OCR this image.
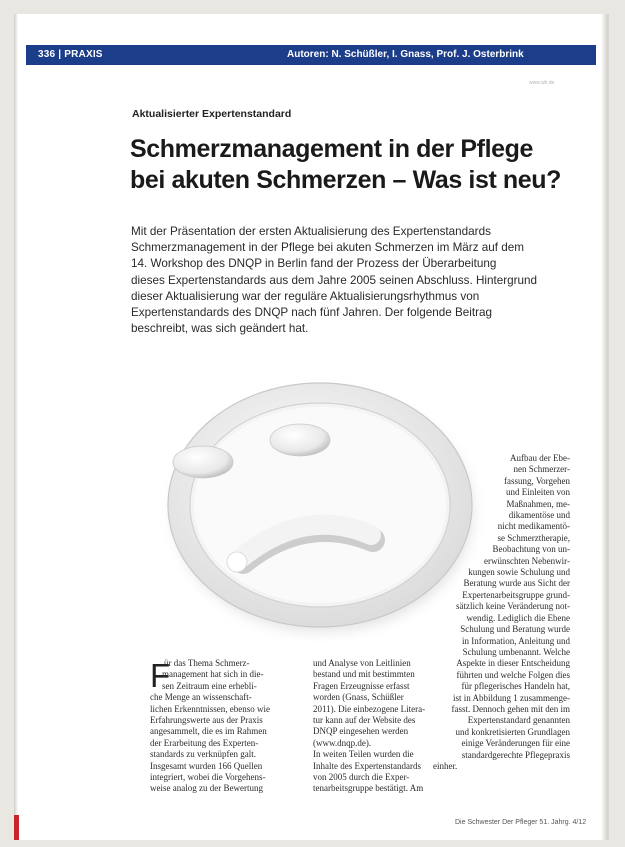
336 | PRAXIS	Autoren: N. Schüßler, I. Gnass, Prof. J. Osterbrink
www.wb.de
Aktualisierter Expertenstandard
Schmerzmanagement in der Pflege
bei akuten Schmerzen – Was ist neu?
Mit der Präsentation der ersten Aktualisierung des Expertenstandards
Schmerzmanagement in der Pflege bei akuten Schmerzen im März auf dem
14. Workshop des DNQP in Berlin fand der Prozess der Überarbeitung
dieses Expertenstandards aus dem Jahre 2005 seinen Abschluss. Hintergrund
dieser Aktualisierung war der reguläre Aktualisierungsrhythmus von
Expertenstandards des DNQP nach fünf Jahren. Der folgende Beitrag
beschreibt, was sich geändert hat.
F
ür das Thema Schmerz-
management hat sich in die-
sen Zeitraum eine erhebli-
che Menge an wissenschaft-
lichen Erkenntnissen, ebenso wie
Erfahrungswerte aus der Praxis
angesammelt, die es im Rahmen
der Erarbeitung des Experten-
standards zu verknüpfen galt.
Insgesamt wurden 166 Quellen
integriert, wobei die Vorgehens-
weise analog zu der Bewertung
und Analyse von Leitlinien
bestand und mit bestimmten
Fragen Erzeugnisse erfasst
worden (Gnass, Schüßler
2011). Die einbezogene Litera-
tur kann auf der Website des
DNQP eingesehen werden
(www.dnqp.de).
In weiten Teilen wurden die
Inhalte des Expertenstandards
von 2005 durch die Exper-
tenarbeitsgruppe bestätigt. Am
Aufbau der Ebe-
nen Schmerzer-
fassung, Vorgehen
und Einleiten von
Maßnahmen, me-
dikamentöse und
nicht medikamentö-
se Schmerztherapie,
Beobachtung von un-
erwünschten Nebenwir-
kungen sowie Schulung und
Beratung wurde aus Sicht der
Expertenarbeitsgruppe grund-
sätzlich keine Veränderung not-
wendig. Lediglich die Ebene
Schulung und Beratung wurde
in Information, Anleitung und
Schulung umbenannt. Welche
Aspekte in dieser Entscheidung
führten und welche Folgen dies
für pflegerisches Handeln hat,
ist in Abbildung 1 zusammenge-
fasst. Dennoch gehen mit den im
Expertenstandard genannten
und konkretisierten Grundlagen
einige Veränderungen für eine
standardgerechte Pflegepraxis
einher.
Die Schwester Der Pfleger 51. Jahrg. 4/12
